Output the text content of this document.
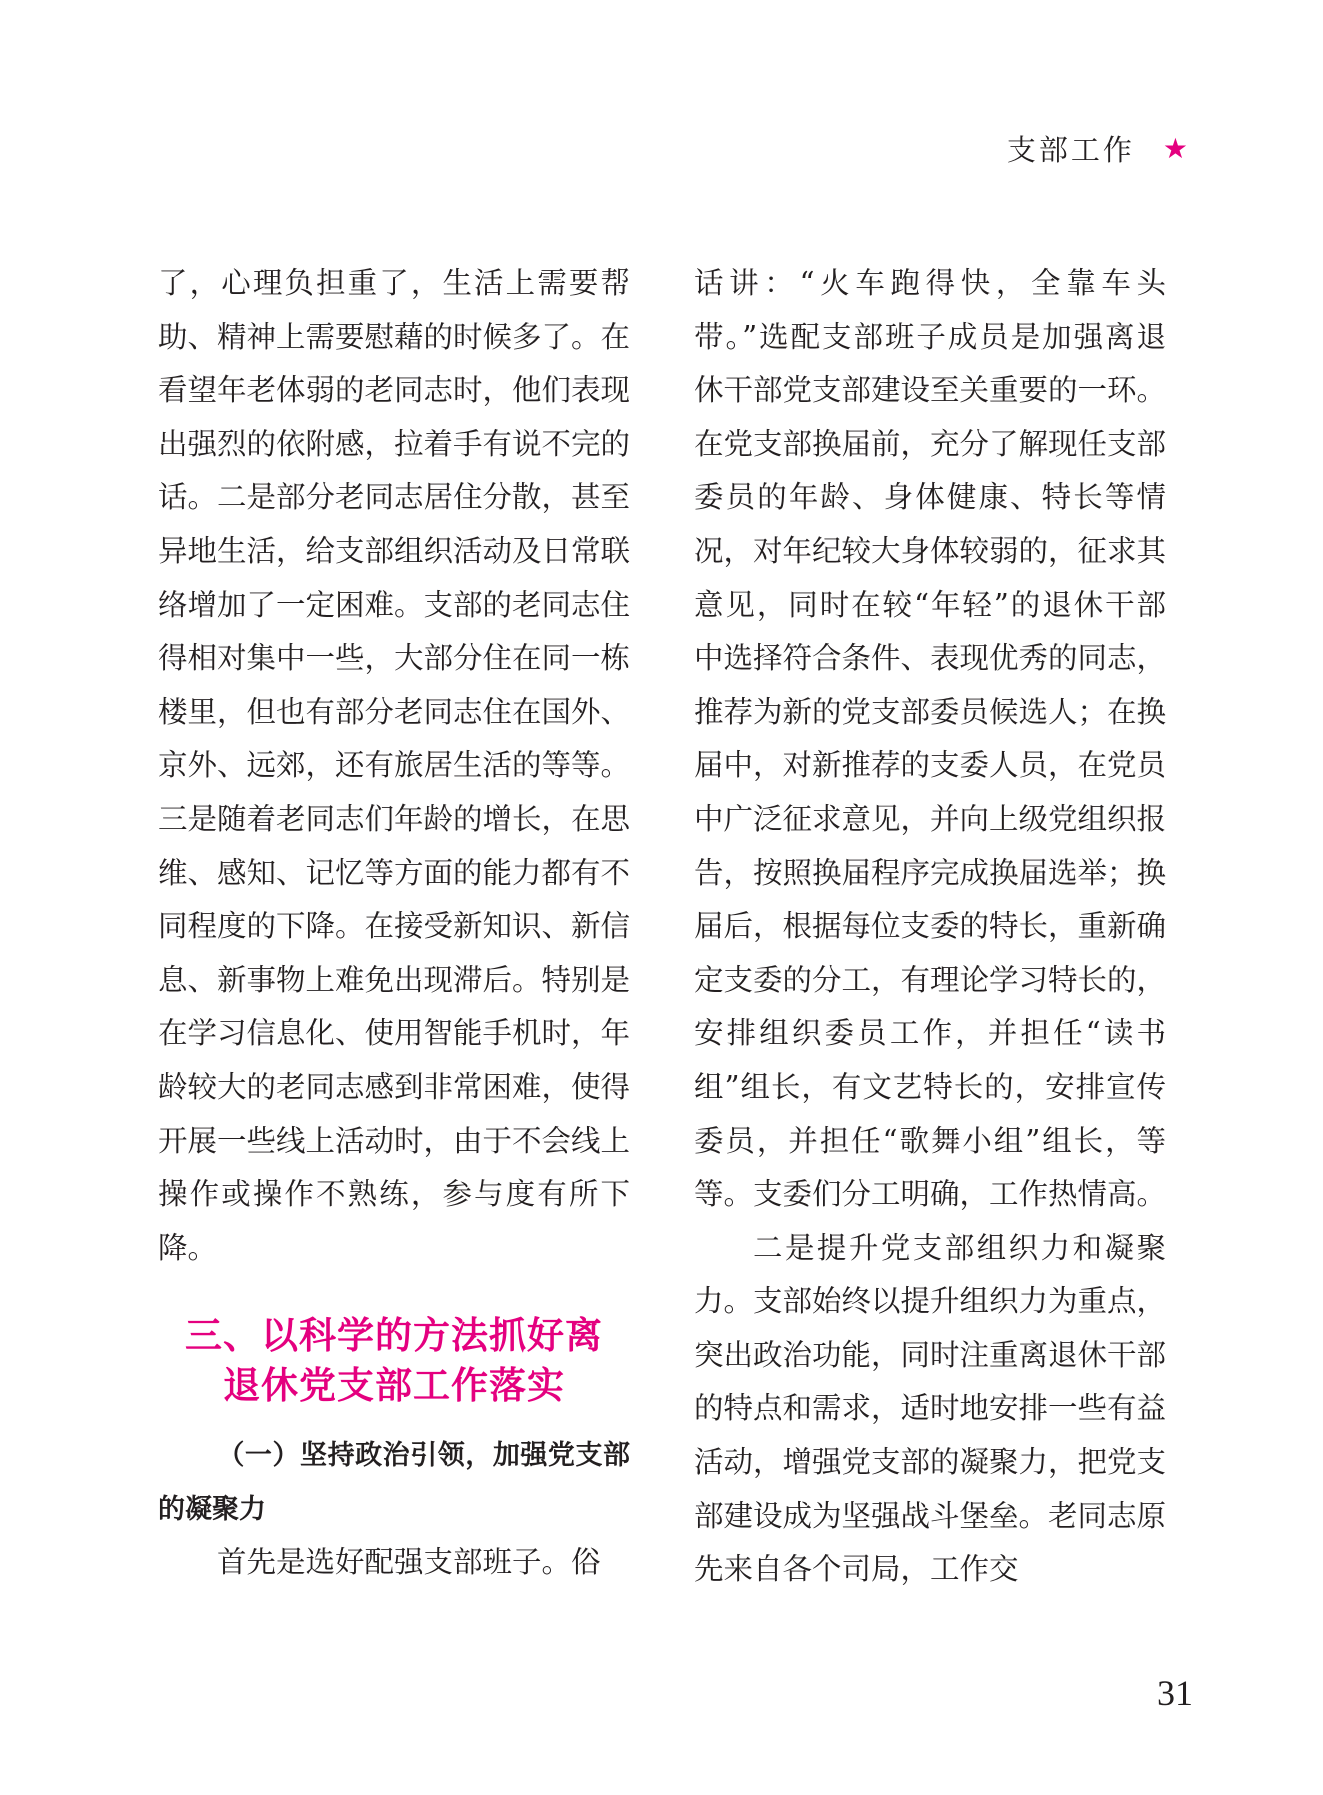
支部工作 ★

了，心理负担重了，生活上需要帮助、精神上需要慰藉的时候多了。在看望年老体弱的老同志时，他们表现出强烈的依附感，拉着手有说不完的话。二是部分老同志居住分散，甚至异地生活，给支部组织活动及日常联络增加了一定困难。支部的老同志住得相对集中一些，大部分住在同一栋楼里，但也有部分老同志住在国外、京外、远郊，还有旅居生活的等等。三是随着老同志们年龄的增长，在思维、感知、记忆等方面的能力都有不同程度的下降。在接受新知识、新信息、新事物上难免出现滞后。特别是在学习信息化、使用智能手机时，年龄较大的老同志感到非常困难，使得开展一些线上活动时，由于不会线上操作或操作不熟练，参与度有所下降。

三、以科学的方法抓好离
退休党支部工作落实

（一）坚持政治引领，加强党支部的凝聚力

首先是选好配强支部班子。俗

话讲：“火车跑得快，全靠车头带。”选配支部班子成员是加强离退休干部党支部建设至关重要的一环。在党支部换届前，充分了解现任支部委员的年龄、身体健康、特长等情况，对年纪较大身体较弱的，征求其意见，同时在较“年轻”的退休干部中选择符合条件、表现优秀的同志，推荐为新的党支部委员候选人；在换届中，对新推荐的支委人员，在党员中广泛征求意见，并向上级党组织报告，按照换届程序完成换届选举；换届后，根据每位支委的特长，重新确定支委的分工，有理论学习特长的，安排组织委员工作，并担任“读书组”组长，有文艺特长的，安排宣传委员，并担任“歌舞小组”组长，等等。支委们分工明确，工作热情高。

二是提升党支部组织力和凝聚力。支部始终以提升组织力为重点，突出政治功能，同时注重离退休干部的特点和需求，适时地安排一些有益活动，增强党支部的凝聚力，把党支部建设成为坚强战斗堡垒。老同志原先来自各个司局，工作交

31
